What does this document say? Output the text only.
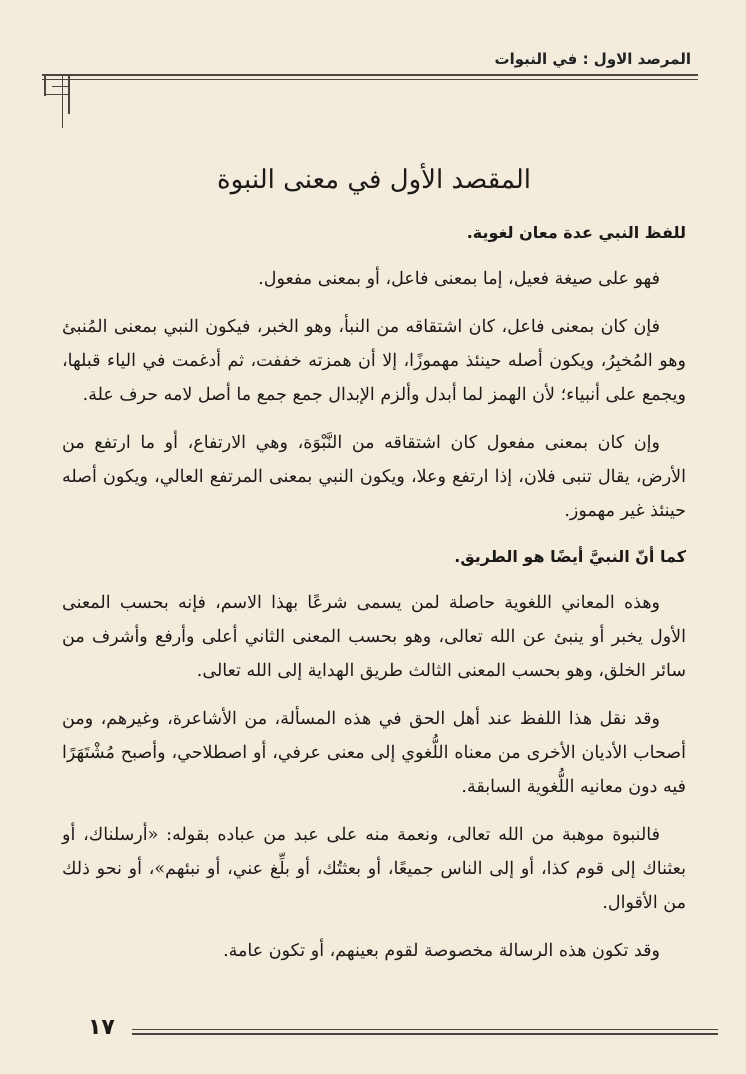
المرصد الاول : في النبوات
المقصد الأول في معنى النبوة

للفظ النبي عدة معان لغوية.

فهو على صيغة فعيل، إما بمعنى فاعل، أو بمعنى مفعول.

فإن كان بمعنى فاعل، كان اشتقاقه من النبأ، وهو الخبر، فيكون النبي بمعنى المُنبئ وهو المُخبِرُ، ويكون أصله حينئذ مهموزًا، إلا أن همزته خففت، ثم أدغمت في الياء قبلها، ويجمع على أنبياء؛ لأن الهمز لما أبدل وألزم الإبدال جمع جمع ما أصل لامه حرف علة.

وإن كان بمعنى مفعول كان اشتقاقه من النَّبْوَة، وهي الارتفاع، أو ما ارتفع من الأرض، يقال تنبى فلان، إذا ارتفع وعلا، ويكون النبي بمعنى المرتفع العالي، ويكون أصله حينئذ غير مهموز.

كما أنّ النبيَّ أيضًا هو الطريق.

وهذه المعاني اللغوية حاصلة لمن يسمى شرعًا بهذا الاسم، فإنه بحسب المعنى الأول يخبر أو ينبئ عن الله تعالى، وهو بحسب المعنى الثاني أعلى وأرفع وأشرف من سائر الخلق، وهو بحسب المعنى الثالث طريق الهداية إلى الله تعالى.

وقد نقل هذا اللفظ عند أهل الحق في هذه المسألة، من الأشاعرة، وغيرهم، ومن أصحاب الأديان الأخرى من معناه اللُّغوي إلى معنى عرفي، أو اصطلاحي، وأصبح مُشْتَهَرًا فيه دون معانيه اللُّغوية السابقة.

فالنبوة موهبة من الله تعالى، ونعمة منه على عبد من عباده بقوله: «أرسلناك، أو بعثناك إلى قوم كذا، أو إلى الناس جميعًا، أو بعثتُك، أو بلِّغ عني، أو نبئهم»، أو نحو ذلك من الأقوال.

وقد تكون هذه الرسالة مخصوصة لقوم بعينهم، أو تكون عامة.

١٧
